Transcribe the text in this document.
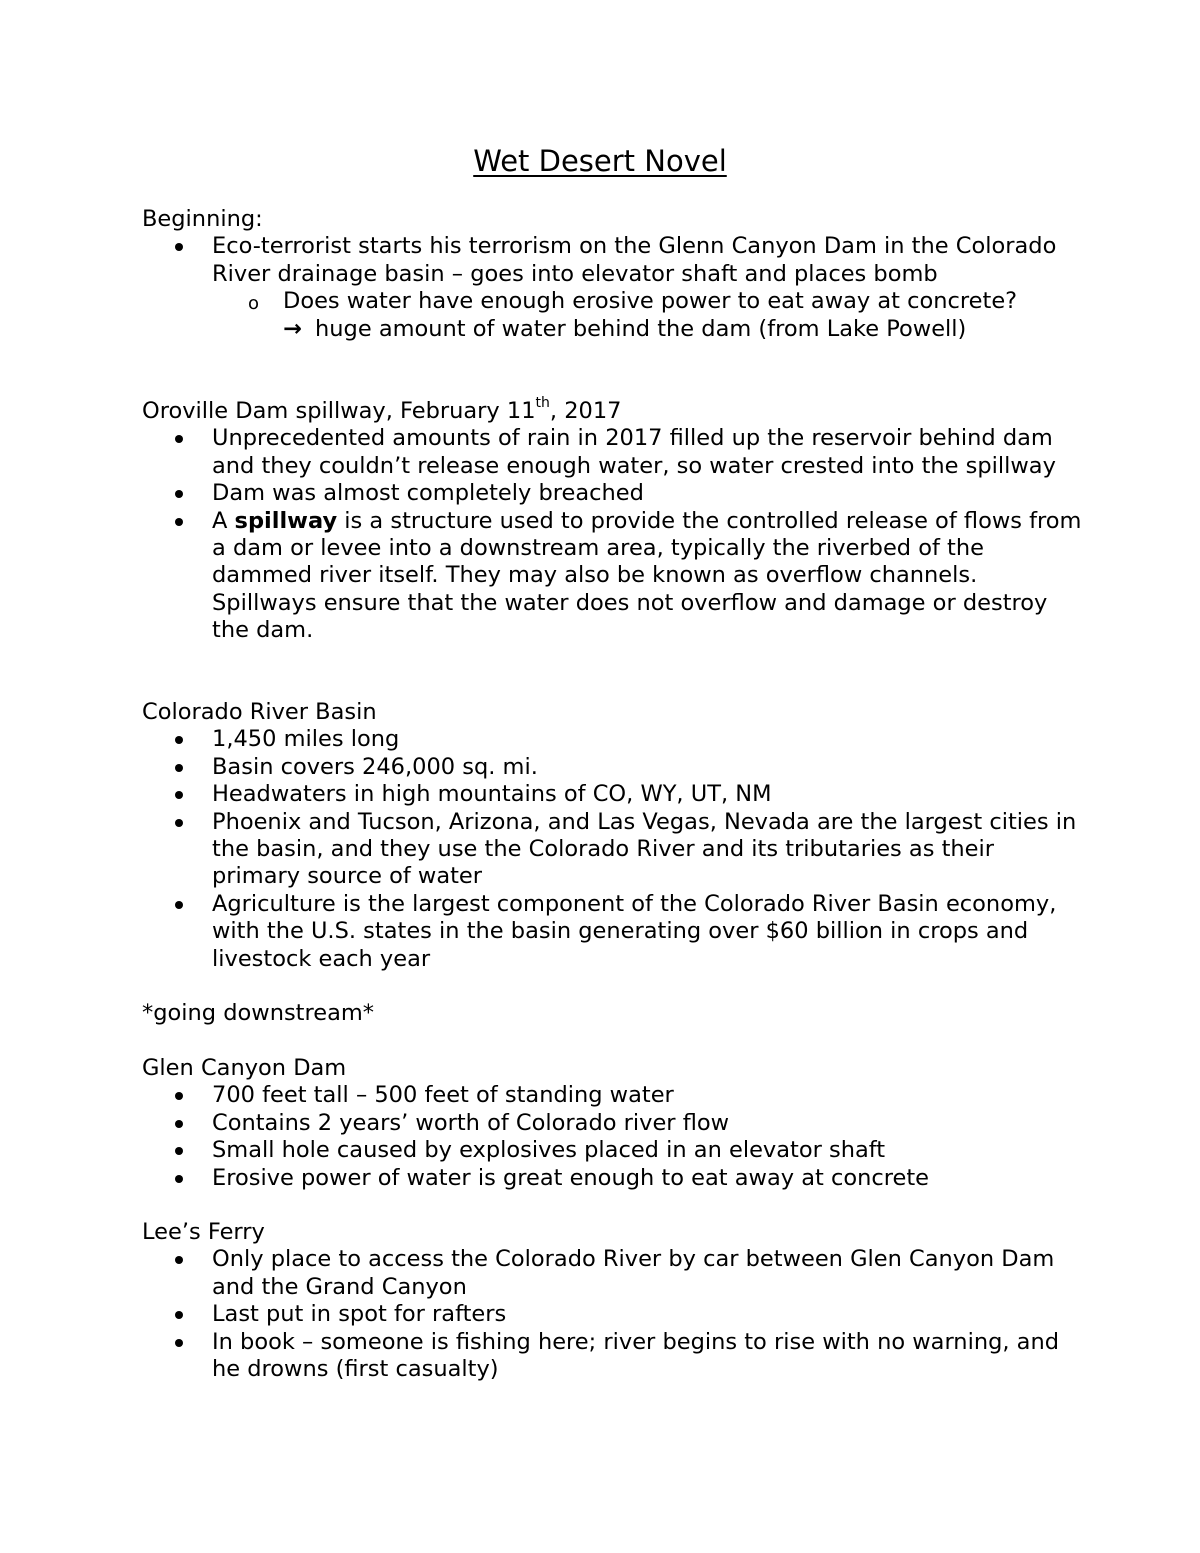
Wet Desert Novel
Beginning:
Eco-terrorist starts his terrorism on the Glenn Canyon Dam in the Colorado River drainage basin – goes into elevator shaft and places bomb
o Does water have enough erosive power to eat away at concrete?
→ huge amount of water behind the dam (from Lake Powell)
Oroville Dam spillway, February 11th, 2017
Unprecedented amounts of rain in 2017 filled up the reservoir behind dam and they couldn’t release enough water, so water crested into the spillway
Dam was almost completely breached
A spillway is a structure used to provide the controlled release of flows from a dam or levee into a downstream area, typically the riverbed of the dammed river itself. They may also be known as overflow channels. Spillways ensure that the water does not overflow and damage or destroy the dam.
Colorado River Basin
1,450 miles long
Basin covers 246,000 sq. mi.
Headwaters in high mountains of CO, WY, UT, NM
Phoenix and Tucson, Arizona, and Las Vegas, Nevada are the largest cities in the basin, and they use the Colorado River and its tributaries as their primary source of water
Agriculture is the largest component of the Colorado River Basin economy, with the U.S. states in the basin generating over $60 billion in crops and livestock each year
*going downstream*
Glen Canyon Dam
700 feet tall – 500 feet of standing water
Contains 2 years’ worth of Colorado river flow
Small hole caused by explosives placed in an elevator shaft
Erosive power of water is great enough to eat away at concrete
Lee’s Ferry
Only place to access the Colorado River by car between Glen Canyon Dam and the Grand Canyon
Last put in spot for rafters
In book – someone is fishing here; river begins to rise with no warning, and he drowns (first casualty)
